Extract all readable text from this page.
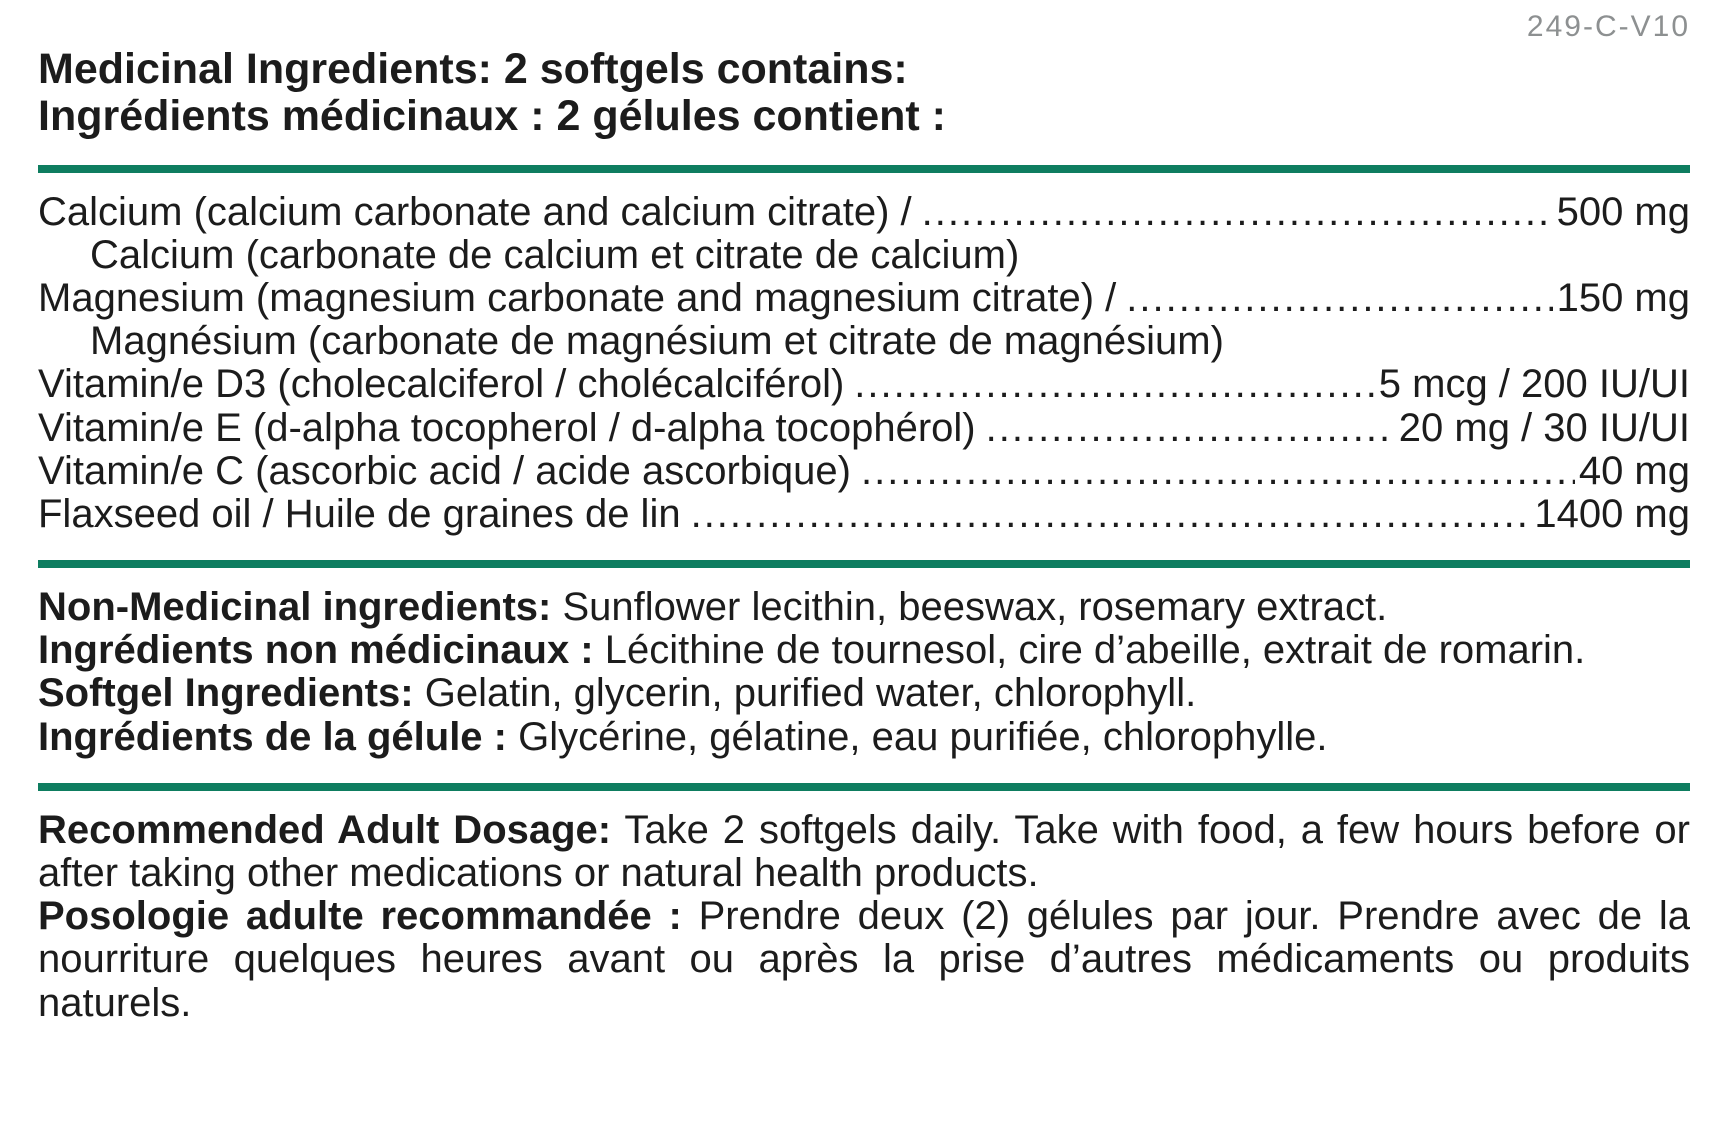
249-C-V10

Medicinal Ingredients: 2 softgels contains:
Ingrédients médicinaux : 2 gélules contient :
Calcium (calcium carbonate and calcium citrate) / .....	500 mg
Calcium (carbonate de calcium et citrate de calcium)
Magnesium (magnesium carbonate and magnesium citrate) / .....	150 mg
Magnésium (carbonate de magnésium et citrate de magnésium)
Vitamin/e D3 (cholecalciferol / cholécalciférol) .....	5 mcg / 200 IU/UI
Vitamin/e E (d-alpha tocopherol / d-alpha tocophérol) .....	20 mg / 30 IU/UI
Vitamin/e C (ascorbic acid / acide ascorbique) .....	40 mg
Flaxseed oil / Huile de graines de lin .....	1400 mg

Non-Medicinal ingredients: Sunflower lecithin, beeswax, rosemary extract.

Ingrédients non médicinaux : Lécithine de tournesol, cire d’abeille, extrait de romarin.

Softgel Ingredients: Gelatin, glycerin, purified water, chlorophyll.

Ingrédients de la gélule : Glycérine, gélatine, eau purifiée, chlorophylle.

Recommended Adult Dosage: Take 2 softgels daily. Take with food, a few hours before or after taking other medications or natural health products.

Posologie adulte recommandée : Prendre deux (2) gélules par jour. Prendre avec de la nourriture quelques heures avant ou après la prise d’autres médicaments ou produits naturels.
